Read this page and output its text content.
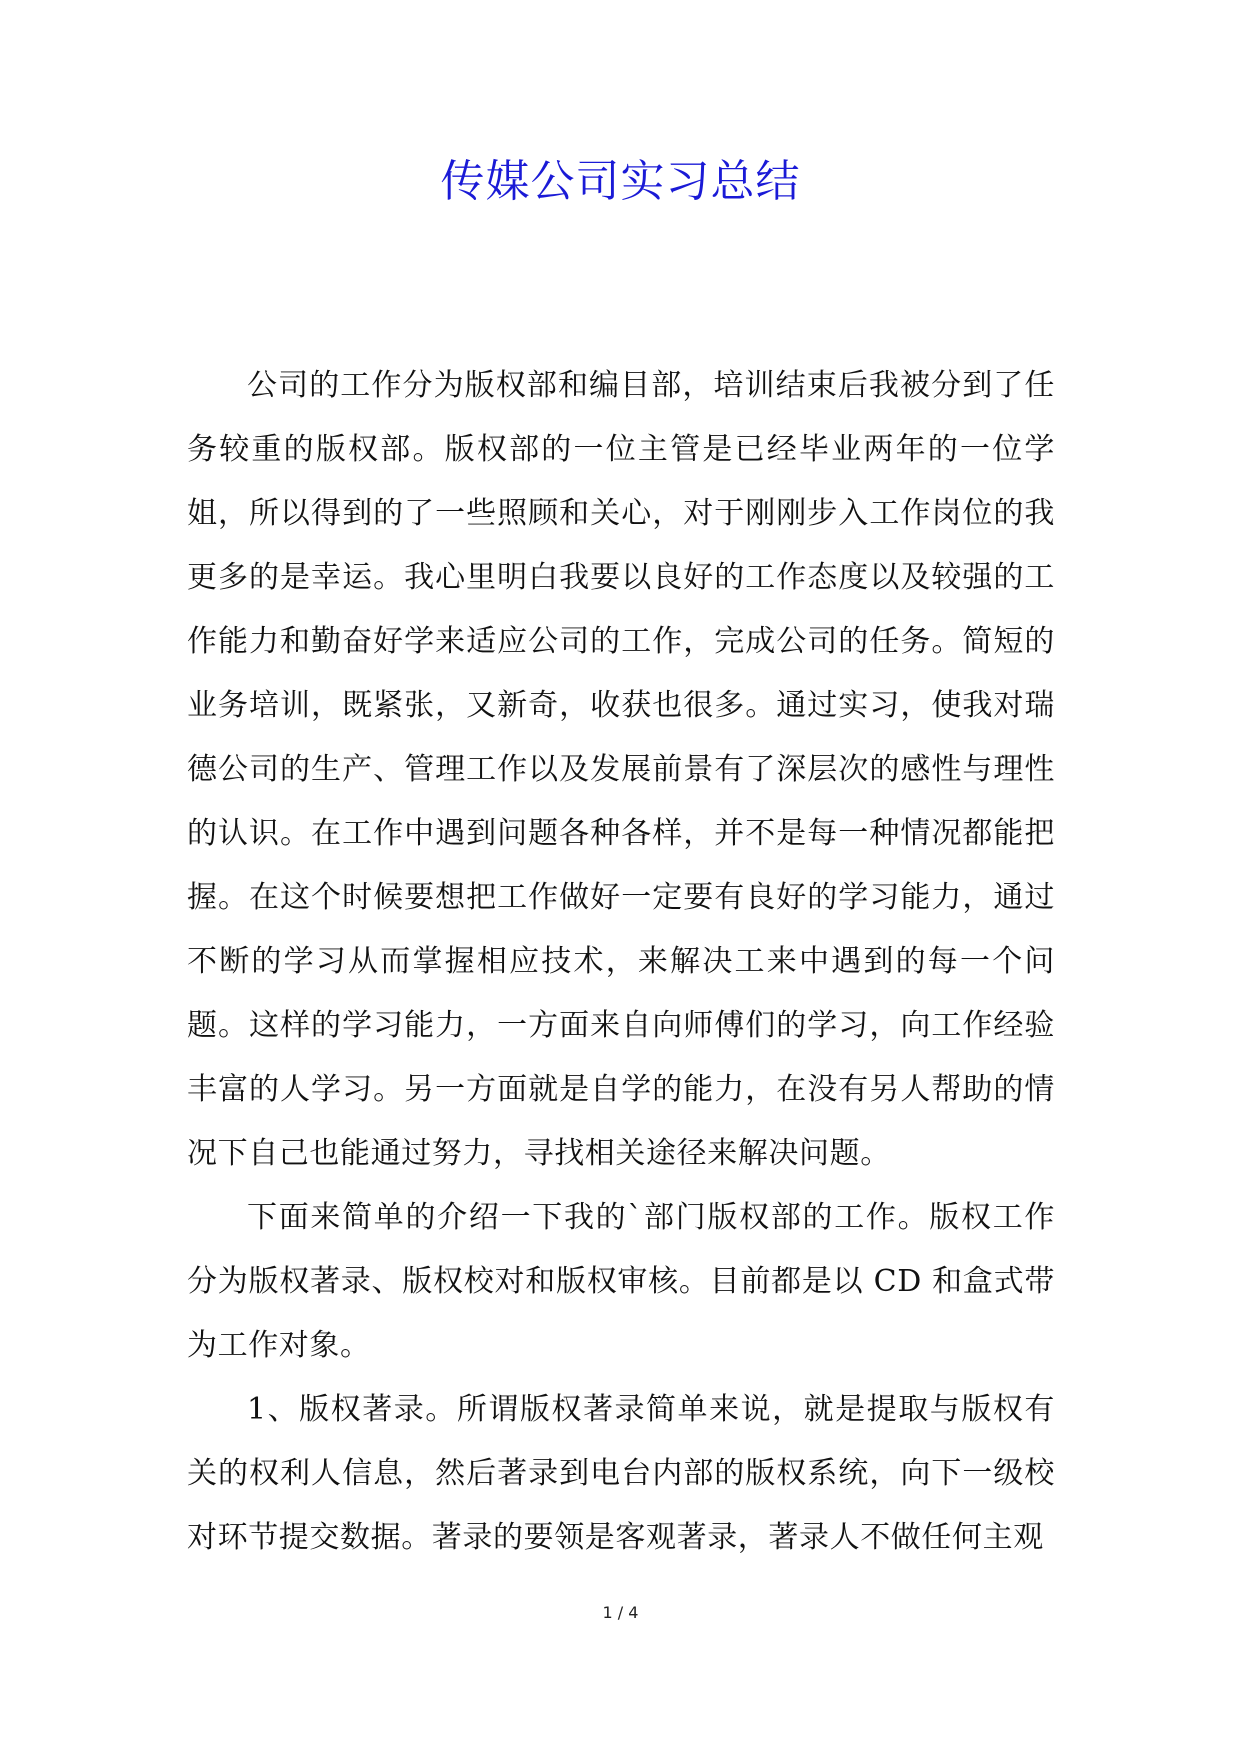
传媒公司实习总结

公司的工作分为版权部和编目部，培训结束后我被分到了任务较重的版权部。版权部的一位主管是已经毕业两年的一位学姐，所以得到的了一些照顾和关心，对于刚刚步入工作岗位的我更多的是幸运。我心里明白我要以良好的工作态度以及较强的工作能力和勤奋好学来适应公司的工作，完成公司的任务。简短的业务培训，既紧张，又新奇，收获也很多。通过实习，使我对瑞德公司的生产、管理工作以及发展前景有了深层次的感性与理性的认识。在工作中遇到问题各种各样，并不是每一种情况都能把握。在这个时候要想把工作做好一定要有良好的学习能力，通过不断的学习从而掌握相应技术，来解决工来中遇到的每一个问题。这样的学习能力，一方面来自向师傅们的学习，向工作经验丰富的人学习。另一方面就是自学的能力，在没有另人帮助的情况下自己也能通过努力，寻找相关途径来解决问题。

下面来简单的介绍一下我的`部门版权部的工作。版权工作分为版权著录、版权校对和版权审核。目前都是以 CD 和盒式带为工作对象。

1、版权著录。所谓版权著录简单来说，就是提取与版权有关的权利人信息，然后著录到电台内部的版权系统，向下一级校对环节提交数据。著录的要领是客观著录，著录人不做任何主观

1 / 4
